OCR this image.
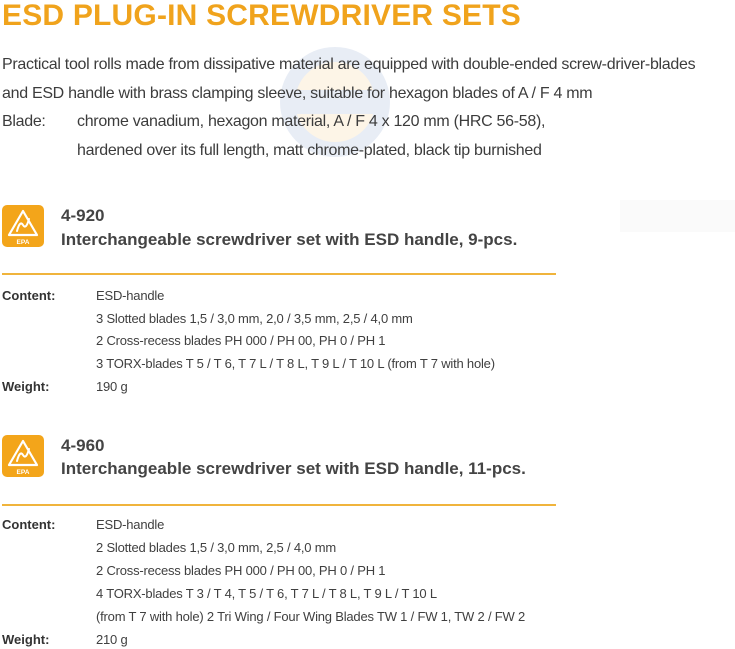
ESD PLUG-IN SCREWDRIVER SETS
Practical tool rolls made from dissipative material are equipped with double-ended screw-driver-blades
and ESD handle with brass clamping sleeve, suitable for hexagon blades of A / F 4 mm
Blade: chrome vanadium, hexagon material, A / F 4 x 120 mm (HRC 56-58),
hardened over its full length, matt chrome-plated, black tip burnished
EPA
4-920
Interchangeable screwdriver set with ESD handle, 9-pcs.
Content:	ESD-handle
3 Slotted blades 1,5 / 3,0 mm, 2,0 / 3,5 mm, 2,5 / 4,0 mm
2 Cross-recess blades PH 000 / PH 00, PH 0 / PH 1
3 TORX-blades T 5 / T 6, T 7 L / T 8 L, T 9 L / T 10 L (from T 7 with hole)
Weight:	190 g
EPA
4-960
Interchangeable screwdriver set with ESD handle, 11-pcs.
Content:	ESD-handle
2 Slotted blades 1,5 / 3,0 mm, 2,5 / 4,0 mm
2 Cross-recess blades PH 000 / PH 00, PH 0 / PH 1
4 TORX-blades T 3 / T 4, T 5 / T 6, T 7 L / T 8 L, T 9 L / T 10 L
(from T 7 with hole) 2 Tri Wing / Four Wing Blades TW 1 / FW 1, TW 2 / FW 2
Weight:	210 g
